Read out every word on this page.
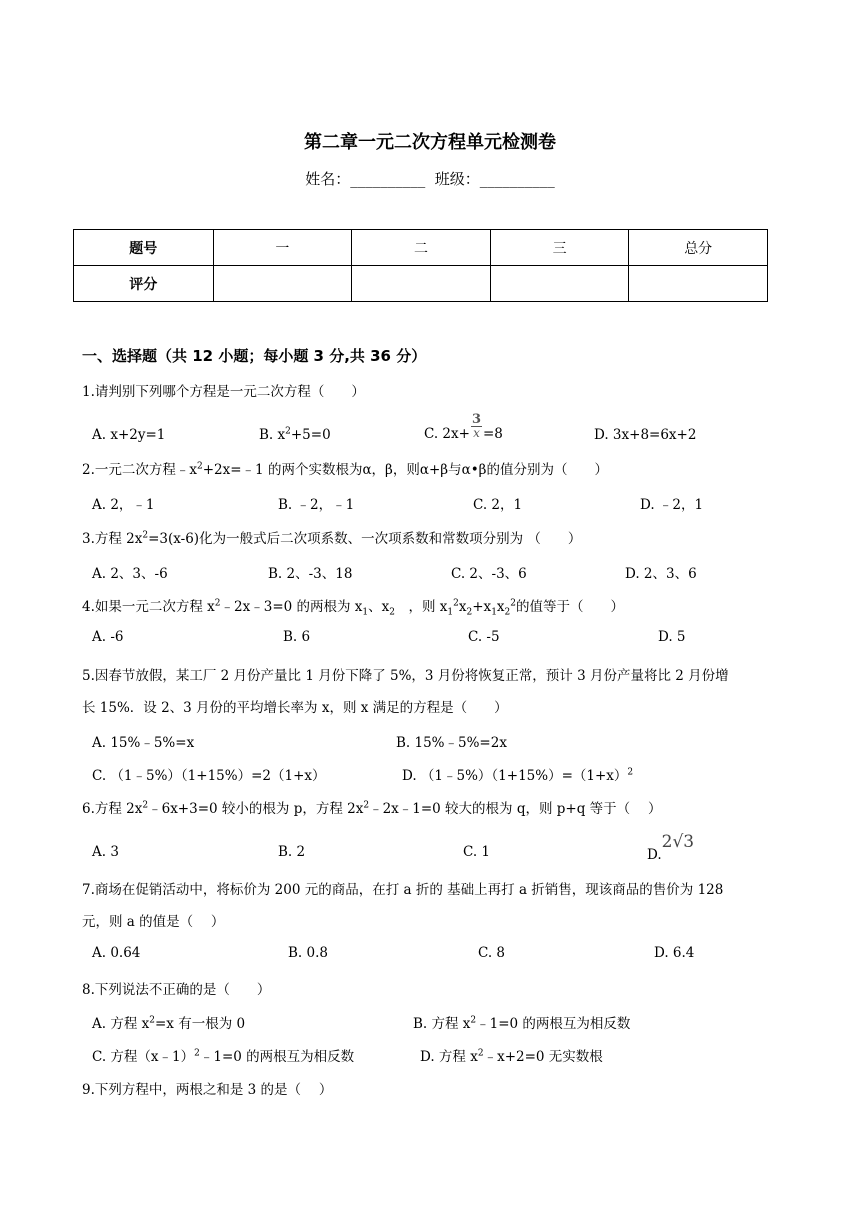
第二章一元二次方程单元检测卷
姓名：__________ 班级：__________
题号	一	二	三	总分
评分				
一、选择题（共 12 小题；每小题 3 分,共 36 分）
1.请判别下列哪个方程是一元二次方程（　　）
A. x+2y=1	B. $x^2+5=0$	C. $2x+ \frac{3}{x} =8$	D. 3x+8=6x+2
2.一元二次方程$﹣x^2+2x=﹣1$ 的两个实数根为α，β，则α+β与α•β的值分别为（　　）
A. 2，﹣1	B. ﹣2，﹣1	C. 2，1	D. ﹣2，1
3.方程 $2x^2=3(x-6)$化为一般式后二次项系数、一次项系数和常数项分别为 （　　）
A. 2、3、-6	B. 2、-3、18	C. 2、-3、6	D. 2、3、6
4.如果一元二次方程 $x^2﹣2x﹣3=0$ 的两根为 $x_1$、$x_2$　，则 $x_1^2x_2+x_1x_2^2$的值等于（　　）
A. -6	B. 6	C. -5	D. 5
5.因春节放假，某工厂 2 月份产量比 1 月份下降了 5%，3 月份将恢复正常，预计 3 月份产量将比 2 月份增
长 15%．设 2、3 月份的平均增长率为 x，则 x 满足的方程是（　　）
A. 15%﹣5%=x	B. 15%﹣5%=2x
C. （1﹣5%）（1+15%）=2（1+x）	D. $(1﹣5\%)(1+15\%)=(1+x)^2$
6.方程 $2x^2﹣6x+3=0$ 较小的根为 p，方程 $2x^2﹣2x﹣1=0$ 较大的根为 q，则 p+q 等于（　 ）
A. 3	B. 2	C. 1	D.2√3
7.商场在促销活动中，将标价为 200 元的商品，在打 a 折的 基础上再打 a 折销售，现该商品的售价为 128
元，则 a 的值是（　 ）
A. 0.64	B. 0.8	C. 8	D. 6.4
8.下列说法不正确的是（　　）
A. 方程 $x^2=x$ 有一根为 0	B. 方程 $x^2﹣1=0$ 的两根互为相反数
C. 方程（x﹣1）$^2$﹣1=0 的两根互为相反数	D. 方程 $x^2﹣x+2=0$ 无实数根
9.下列方程中，两根之和是 3 的是（　 ）
